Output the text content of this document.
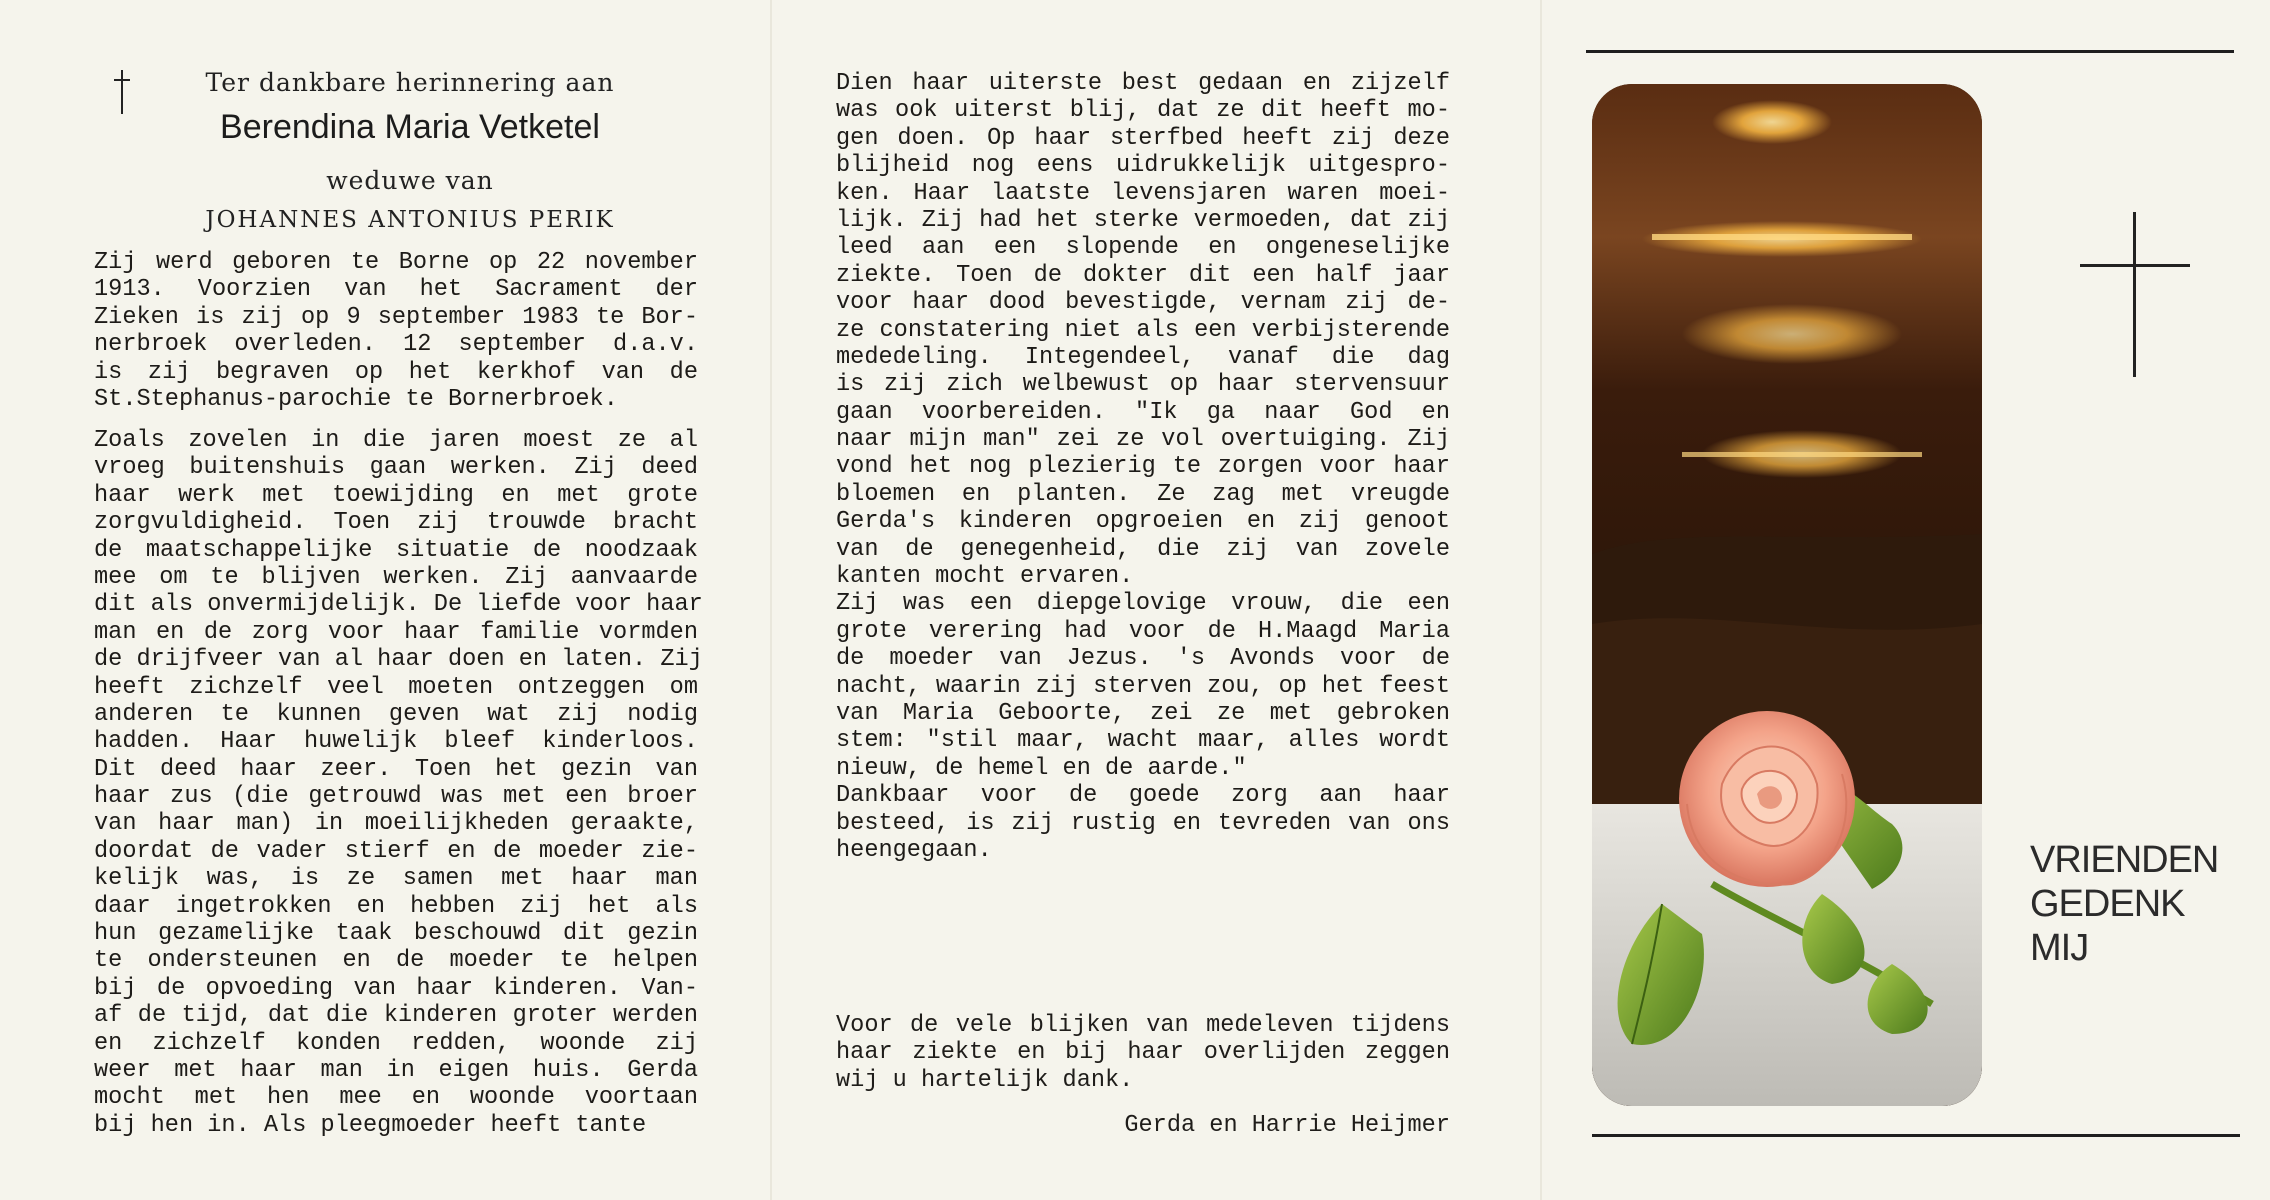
Ter dankbare herinnering aan
Berendina Maria Vetketel
weduwe van
JOHANNES ANTONIUS PERIK
Zij werd geboren te Borne op 22 november
1913. Voorzien van het Sacrament der
Zieken is zij op 9 september 1983 te Bor-
nerbroek overleden. 12 september d.a.v.
is zij begraven op het kerkhof van de
St.Stephanus-parochie te Bornerbroek.
Zoals zovelen in die jaren moest ze al
vroeg buitenshuis gaan werken. Zij deed
haar werk met toewijding en met grote
zorgvuldigheid. Toen zij trouwde bracht
de maatschappelijke situatie de noodzaak
mee om te blijven werken. Zij aanvaarde
dit als onvermijdelijk. De liefde voor haar
man en de zorg voor haar familie vormden
de drijfveer van al haar doen en laten. Zij
heeft zichzelf veel moeten ontzeggen om
anderen te kunnen geven wat zij nodig
hadden. Haar huwelijk bleef kinderloos.
Dit deed haar zeer. Toen het gezin van
haar zus (die getrouwd was met een broer
van haar man) in moeilijkheden geraakte,
doordat de vader stierf en de moeder zie-
kelijk was, is ze samen met haar man
daar ingetrokken en hebben zij het als
hun gezamelijke taak beschouwd dit gezin
te ondersteunen en de moeder te helpen
bij de opvoeding van haar kinderen. Van-
af de tijd, dat die kinderen groter werden
en zichzelf konden redden, woonde zij
weer met haar man in eigen huis. Gerda
mocht met hen mee en woonde voortaan
bij hen in. Als pleegmoeder heeft tante
Dien haar uiterste best gedaan en zijzelf
was ook uiterst blij, dat ze dit heeft mo-
gen doen. Op haar sterfbed heeft zij deze
blijheid nog eens uidrukkelijk uitgespro-
ken. Haar laatste levensjaren waren moei-
lijk. Zij had het sterke vermoeden, dat zij
leed aan een slopende en ongeneselijke
ziekte. Toen de dokter dit een half jaar
voor haar dood bevestigde, vernam zij de-
ze constatering niet als een verbijsterende
mededeling. Integendeel, vanaf die dag
is zij zich welbewust op haar stervensuur
gaan voorbereiden. "Ik ga naar God en
naar mijn man" zei ze vol overtuiging. Zij
vond het nog plezierig te zorgen voor haar
bloemen en planten. Ze zag met vreugde
Gerda's kinderen opgroeien en zij genoot
van de genegenheid, die zij van zovele
kanten mocht ervaren.
Zij was een diepgelovige vrouw, die een
grote verering had voor de H.Maagd Maria
de moeder van Jezus. 's Avonds voor de
nacht, waarin zij sterven zou, op het feest
van Maria Geboorte, zei ze met gebroken
stem: "stil maar, wacht maar, alles wordt
nieuw, de hemel en de aarde."
Dankbaar voor de goede zorg aan haar
besteed, is zij rustig en tevreden van ons
heengegaan.
Voor de vele blijken van medeleven tijdens
haar ziekte en bij haar overlijden zeggen
wij u hartelijk dank.
Gerda en Harrie Heijmer
VRIENDEN
GEDENK
MIJ
